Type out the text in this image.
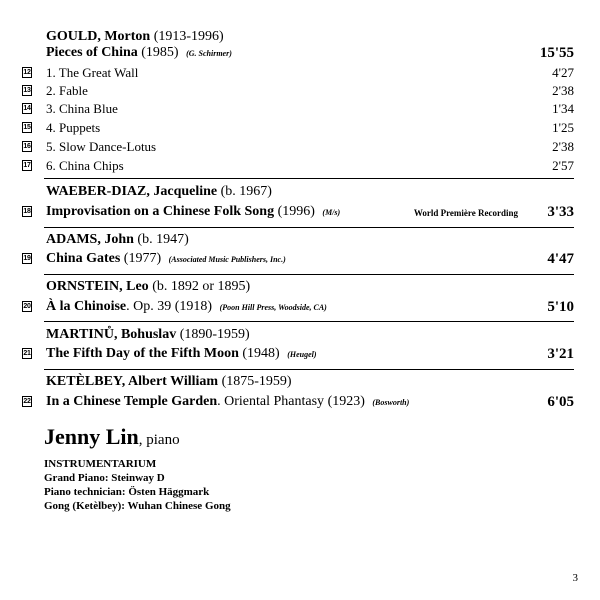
GOULD, Morton (1913-1996)
Pieces of China (1985) (G. Schirmer)	15'55
12 1. The Great Wall	4'27
13 2. Fable	2'38
14 3. China Blue	1'34
15 4. Puppets	1'25
16 5. Slow Dance-Lotus	2'38
17 6. China Chips	2'57
WAEBER-DIAZ, Jacqueline (b. 1967)
18 Improvisation on a Chinese Folk Song (1996) (M/s)	World Première Recording 3'33
ADAMS, John (b. 1947)
19 China Gates (1977) (Associated Music Publishers, Inc.)	4'47
ORNSTEIN, Leo (b. 1892 or 1895)
20 À la Chinoise. Op. 39 (1918) (Poon Hill Press, Woodside, CA)	5'10
MARTINŮ, Bohuslav (1890-1959)
21 The Fifth Day of the Fifth Moon (1948) (Heugel)	3'21
KETÈLBEY, Albert William (1875-1959)
22 In a Chinese Temple Garden. Oriental Phantasy (1923) (Bosworth)	6'05
Jenny Lin, piano
INSTRUMENTARIUM
Grand Piano: Steinway D
Piano technician: Östen Häggmark
Gong (Ketèlbey): Wuhan Chinese Gong
3
